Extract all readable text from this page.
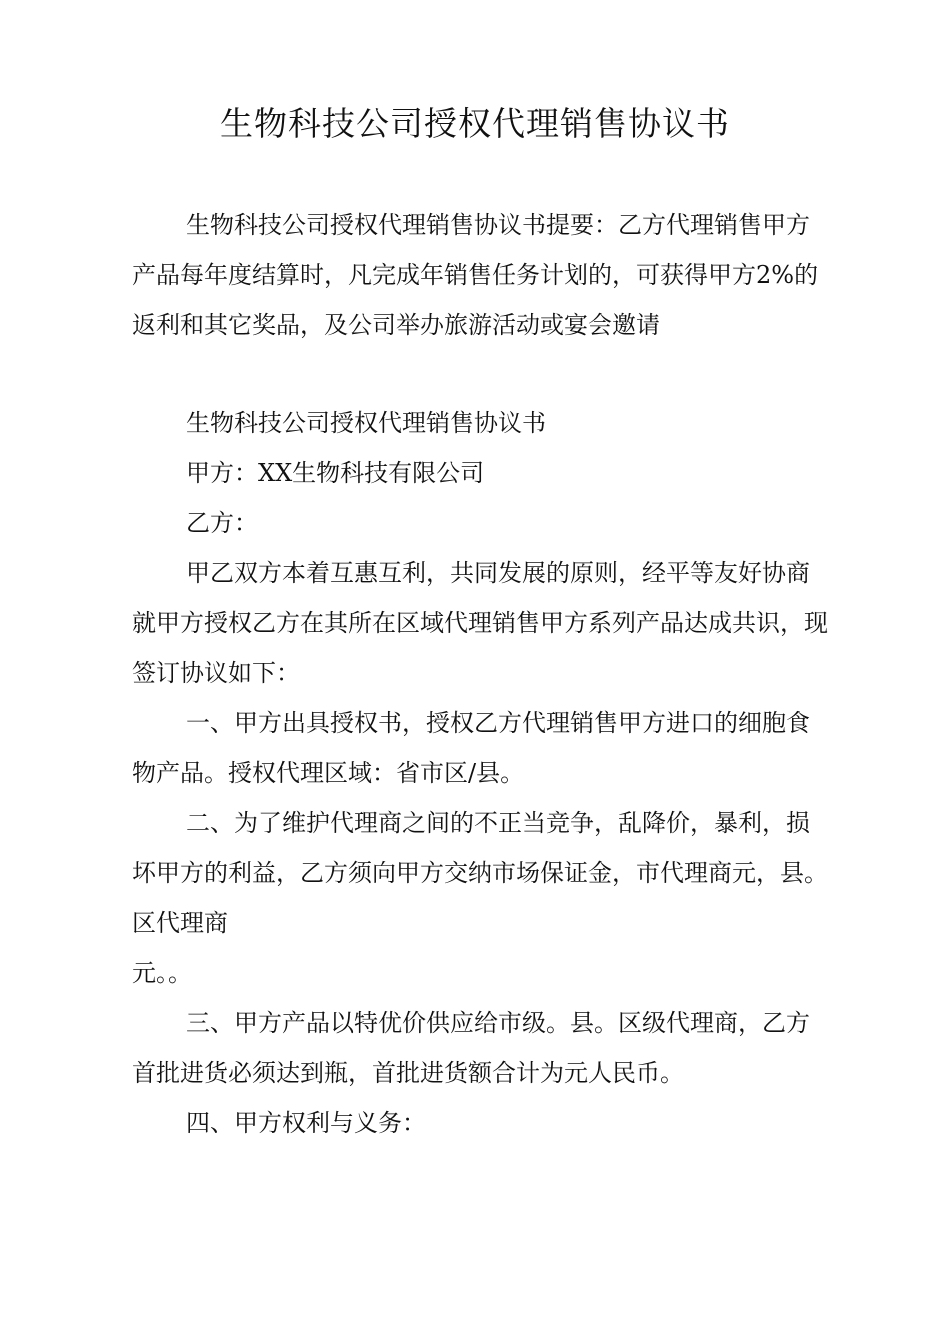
生物科技公司授权代理销售协议书

生物科技公司授权代理销售协议书提要：乙方代理销售甲方产品每年度结算时，凡完成年销售任务计划的，可获得甲方2%的返利和其它奖品，及公司举办旅游活动或宴会邀请

生物科技公司授权代理销售协议书

甲方：XX生物科技有限公司

乙方：

甲乙双方本着互惠互利，共同发展的原则，经平等友好协商就甲方授权乙方在其所在区域代理销售甲方系列产品达成共识，现签订协议如下：

一、甲方出具授权书，授权乙方代理销售甲方进口的细胞食物产品。授权代理区域：省市区/县。

二、为了维护代理商之间的不正当竞争，乱降价，暴利，损坏甲方的利益，乙方须向甲方交纳市场保证金，市代理商元，县。区代理商

元。。

三、甲方产品以特优价供应给市级。县。区级代理商，乙方首批进货必须达到瓶，首批进货额合计为元人民币。

四、甲方权利与义务：
